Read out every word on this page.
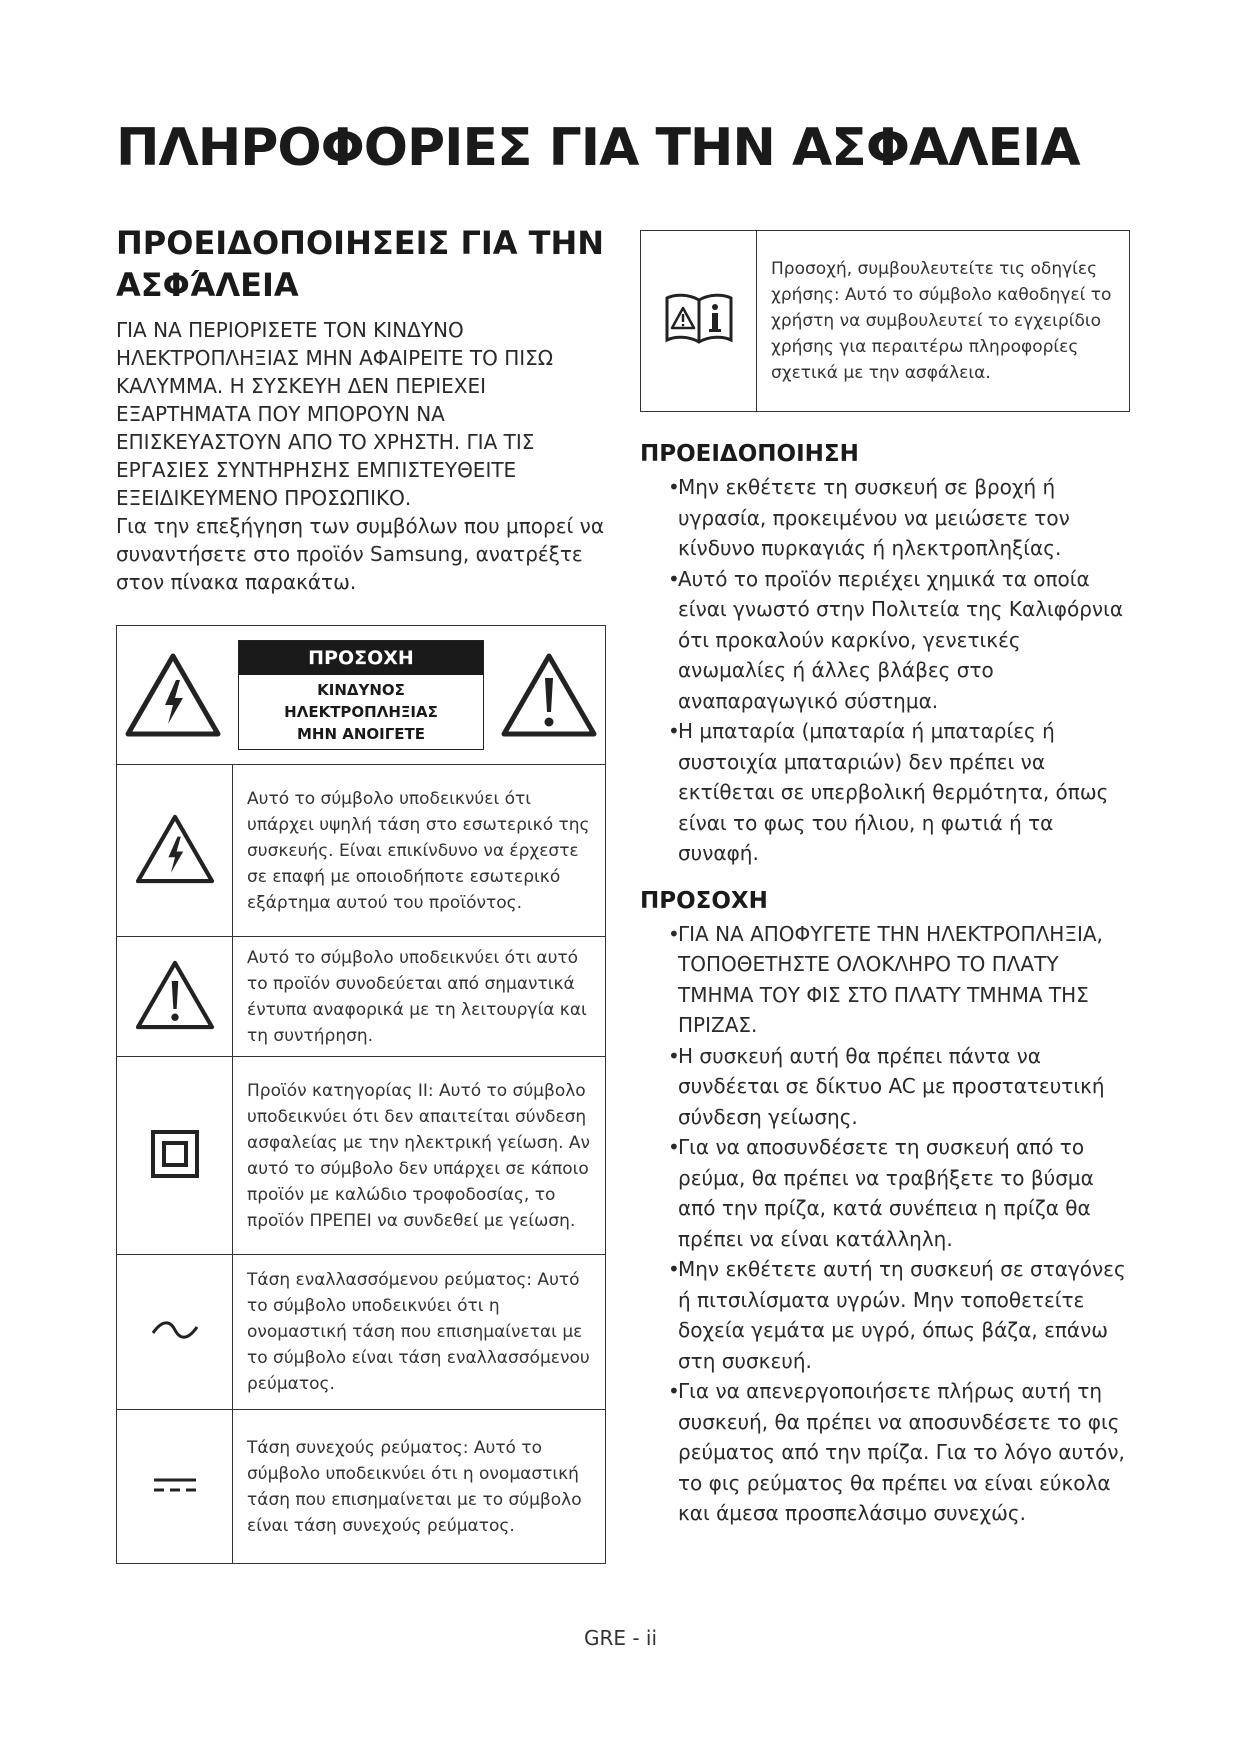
ΠΛΗΡΟΦΟΡΙΕΣ ΓΙΑ ΤΗΝ ΑΣΦΑΛΕΙΑ
ΠΡΟΕΙΔΟΠΟΙΗΣΕΙΣ ΓΙΑ ΤΗΝ ΑΣΦΆΛΕΙΑ
ΓΙΑ ΝΑ ΠΕΡΙΟΡΙΣΕΤΕ ΤΟΝ ΚΙΝΔΥΝΟ ΗΛΕΚΤΡΟΠΛΗΞΙΑΣ ΜΗΝ ΑΦΑΙΡΕΙΤΕ ΤΟ ΠΙΣΩ ΚΑΛΥΜΜΑ. Η ΣΥΣΚΕΥΗ ΔΕΝ ΠΕΡΙΕΧΕΙ ΕΞΑΡΤΗΜΑΤΑ ΠΟΥ ΜΠΟΡΟΥΝ ΝΑ ΕΠΙΣΚΕΥΑΣΤΟΥΝ ΑΠΟ ΤΟ ΧΡΗΣΤΗ. ΓΙΑ ΤΙΣ ΕΡΓΑΣΙΕΣ ΣΥΝΤΗΡΗΣΗΣ ΕΜΠΙΣΤΕΥΘΕΙΤΕ ΕΞΕΙΔΙΚΕΥΜΕΝΟ ΠΡΟΣΩΠΙΚΟ.
Για την επεξήγηση των συμβόλων που μπορεί να συναντήσετε στο προϊόν Samsung, ανατρέξτε στον πίνακα παρακάτω.
ΠΡΟΣΟΧΗ
ΚΙΝΔΥΝΟΣ ΗΛΕΚΤΡΟΠΛΗΞΙΑΣ
ΜΗΝ ΑΝΟΙΓΕΤΕ	

	Αυτό το σύμβολο υποδεικνύει ότι υπάρχει υψηλή τάση στο εσωτερικό της συσκευής. Είναι επικίνδυνο να έρχεστε σε επαφή με οποιοδήποτε εσωτερικό εξάρτημα αυτού του προϊόντος.
	Αυτό το σύμβολο υποδεικνύει ότι αυτό το προϊόν συνοδεύεται από σημαντικά έντυπα αναφορικά με τη λειτουργία και τη συντήρηση.
	Προϊόν κατηγορίας II: Αυτό το σύμβολο υποδεικνύει ότι δεν απαιτείται σύνδεση ασφαλείας με την ηλεκτρική γείωση. Αν αυτό το σύμβολο δεν υπάρχει σε κάποιο προϊόν με καλώδιο τροφοδοσίας, το προϊόν ΠΡΕΠΕΙ να συνδεθεί με γείωση.
	Τάση εναλλασσόμενου ρεύματος: Αυτό το σύμβολο υποδεικνύει ότι η ονομαστική τάση που επισημαίνεται με το σύμβολο είναι τάση εναλλασσόμενου ρεύματος.
	Τάση συνεχούς ρεύματος: Αυτό το σύμβολο υποδεικνύει ότι η ονομαστική τάση που επισημαίνεται με το σύμβολο είναι τάση συνεχούς ρεύματος.
	Προσοχή, συμβουλευτείτε τις οδηγίες χρήσης: Αυτό το σύμβολο καθοδηγεί το χρήστη να συμβουλευτεί το εγχειρίδιο χρήσης για περαιτέρω πληροφορίες σχετικά με την ασφάλεια.
ΠΡΟΕΙΔΟΠΟΙΗΣΗ
• Μην εκθέτετε τη συσκευή σε βροχή ή υγρασία, προκειμένου να μειώσετε τον κίνδυνο πυρκαγιάς ή ηλεκτροπληξίας.
• Αυτό το προϊόν περιέχει χημικά τα οποία είναι γνωστό στην Πολιτεία της Καλιφόρνια ότι προκαλούν καρκίνο, γενετικές ανωμαλίες ή άλλες βλάβες στο αναπαραγωγικό σύστημα.
• Η μπαταρία (μπαταρία ή μπαταρίες ή συστοιχία μπαταριών) δεν πρέπει να εκτίθεται σε υπερβολική θερμότητα, όπως είναι το φως του ήλιου, η φωτιά ή τα συναφή.
ΠΡΟΣΟΧΗ
• ΓΙΑ ΝΑ ΑΠΟΦΥΓΕΤΕ ΤΗΝ ΗΛΕΚΤΡΟΠΛΗΞΙΑ, ΤΟΠΟΘΕΤΗΣΤΕ ΟΛΟΚΛΗΡΟ ΤΟ ΠΛΑΤΥ ΤΜΗΜΑ ΤΟΥ ΦΙΣ ΣΤΟ ΠΛΑΤΥ ΤΜΗΜΑ ΤΗΣ ΠΡΙΖΑΣ.
• Η συσκευή αυτή θα πρέπει πάντα να συνδέεται σε δίκτυο AC με προστατευτική σύνδεση γείωσης.
• Για να αποσυνδέσετε τη συσκευή από το ρεύμα, θα πρέπει να τραβήξετε το βύσμα από την πρίζα, κατά συνέπεια η πρίζα θα πρέπει να είναι κατάλληλη.
• Μην εκθέτετε αυτή τη συσκευή σε σταγόνες ή πιτσιλίσματα υγρών. Μην τοποθετείτε δοχεία γεμάτα με υγρό, όπως βάζα, επάνω στη συσκευή.
• Για να απενεργοποιήσετε πλήρως αυτή τη συσκευή, θα πρέπει να αποσυνδέσετε το φις ρεύματος από την πρίζα. Για το λόγο αυτόν, το φις ρεύματος θα πρέπει να είναι εύκολα και άμεσα προσπελάσιμο συνεχώς.
GRE - ii
